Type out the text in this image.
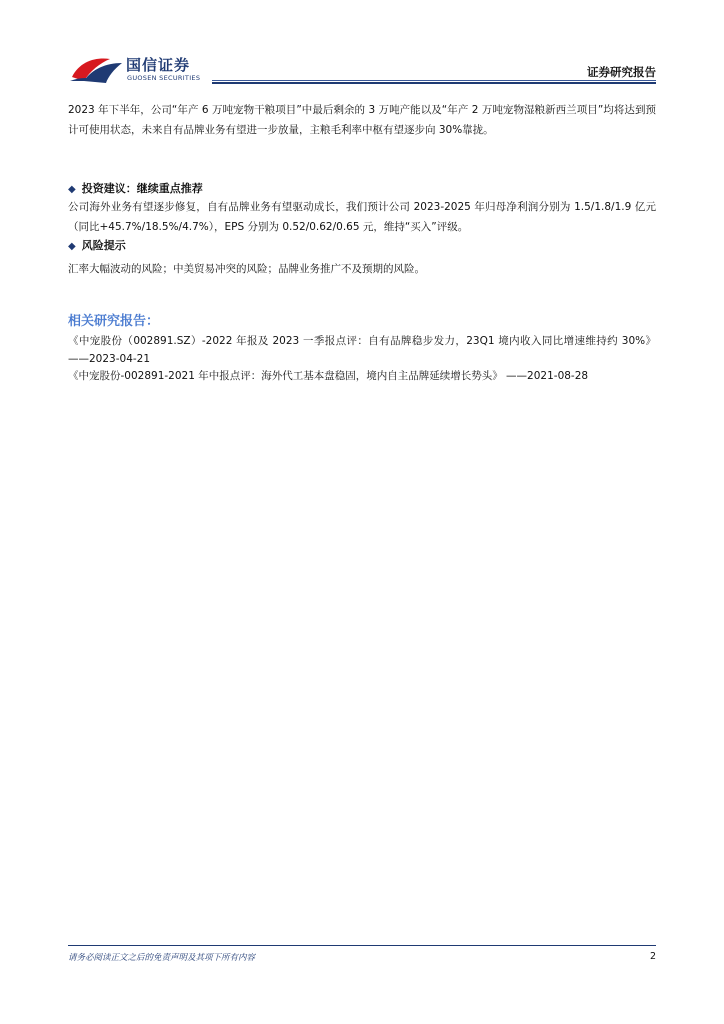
国信证券
GUOSEN SECURITIES	证券研究报告

2023 年下半年，公司“年产 6 万吨宠物干粮项目”中最后剩余的 3 万吨产能以及“年产 2 万吨宠物湿粮新西兰项目”均将达到预计可使用状态，未来自有品牌业务有望进一步放量，主粮毛利率中枢有望逐步向 30%靠拢。

◆ 投资建议：继续重点推荐

公司海外业务有望逐步修复，自有品牌业务有望驱动成长，我们预计公司 2023-2025 年归母净利润分别为 1.5/1.8/1.9 亿元（同比+45.7%/18.5%/4.7%），EPS 分别为 0.52/0.62/0.65 元，维持“买入”评级。

◆ 风险提示

汇率大幅波动的风险；中美贸易冲突的风险；品牌业务推广不及预期的风险。

相关研究报告：

《中宠股份（002891.SZ）-2022 年报及 2023 一季报点评：自有品牌稳步发力，23Q1 境内收入同比增速维持约 30%》 ——2023-04-21

《中宠股份-002891-2021 年中报点评：海外代工基本盘稳固，境内自主品牌延续增长势头》 ——2021-08-28

请务必阅读正文之后的免责声明及其项下所有内容	2
